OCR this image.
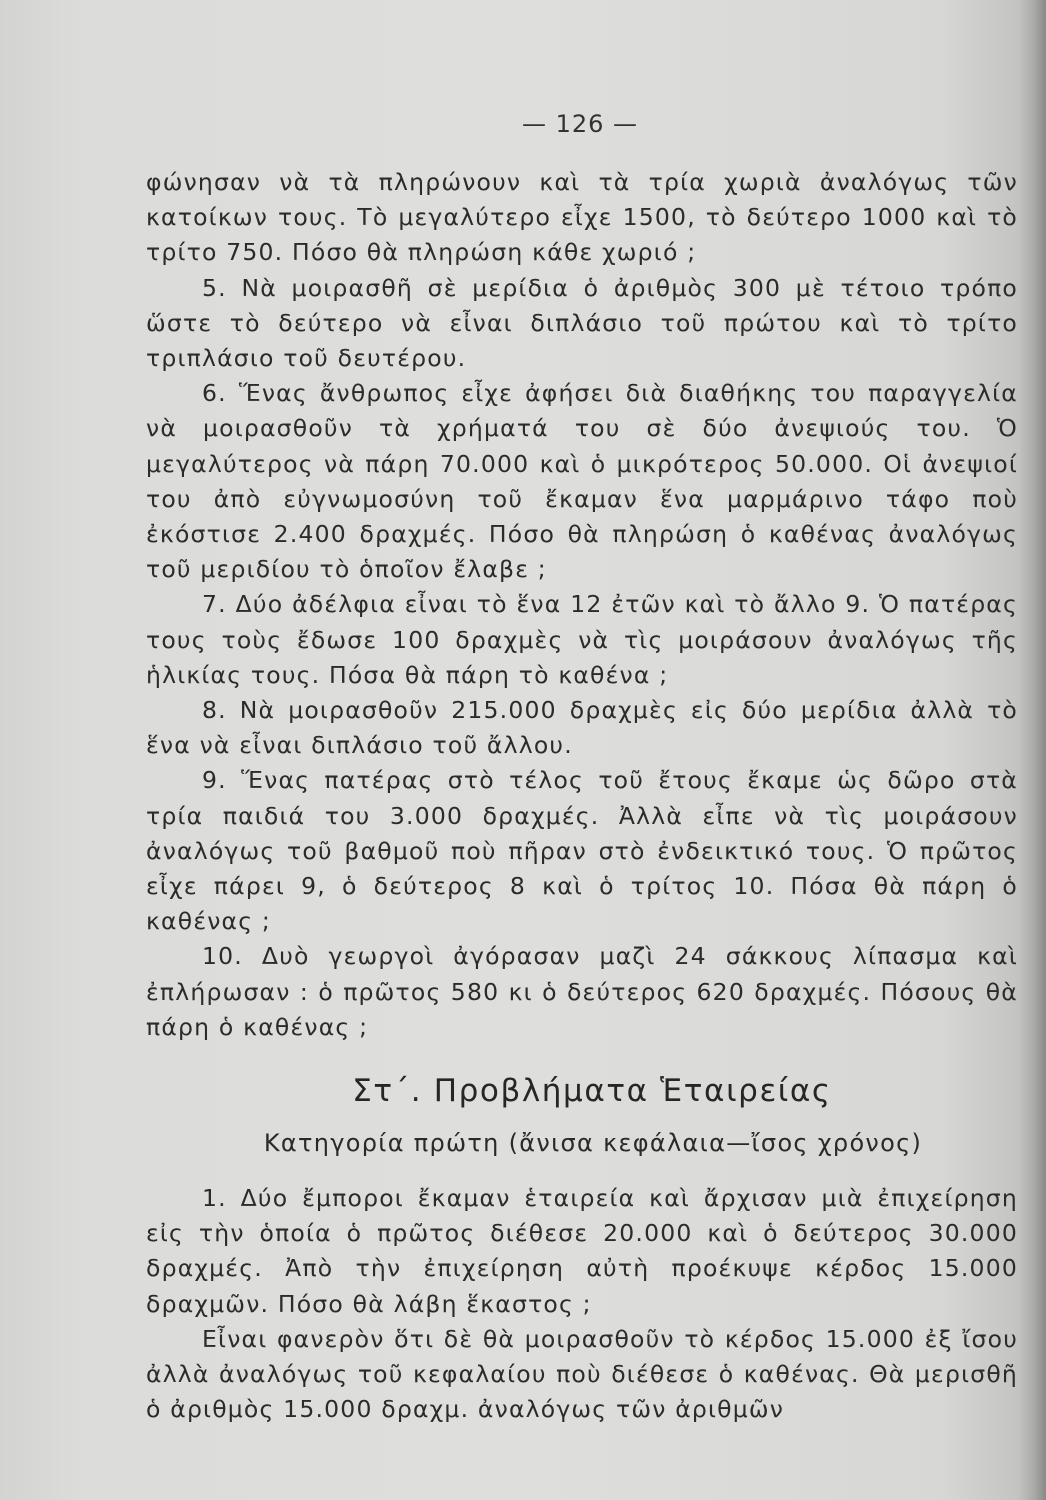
— 126 —

φώνησαν νὰ τὰ πληρώνουν καὶ τὰ τρία χωριὰ ἀναλόγως τῶν κατοίκων τους. Τὸ μεγαλύτερο εἶχε 1500, τὸ δεύτερο 1000 καὶ τὸ τρίτο 750. Πόσο θὰ πληρώση κάθε χωριό ;

5. Νὰ μοιρασθῆ σὲ μερίδια ὁ ἀριθμὸς 300 μὲ τέτοιο τρόπο ὥστε τὸ δεύτερο νὰ εἶναι διπλάσιο τοῦ πρώτου καὶ τὸ τρίτο τριπλάσιο τοῦ δευτέρου.

6. Ἕνας ἄνθρωπος εἶχε ἀφήσει διὰ διαθήκης του παραγγελία νὰ μοιρασθοῦν τὰ χρήματά του σὲ δύο ἀνεψιούς του. Ὁ μεγαλύτερος νὰ πάρη 70.000 καὶ ὁ μικρότερος 50.000. Οἱ ἀνεψιοί του ἀπὸ εὐγνωμοσύνη τοῦ ἔκαμαν ἕνα μαρμάρινο τάφο ποὺ ἐκόστισε 2.400 δραχμές. Πόσο θὰ πληρώση ὁ καθένας ἀναλόγως τοῦ μεριδίου τὸ ὁποῖον ἔλαβε ;

7. Δύο ἀδέλφια εἶναι τὸ ἕνα 12 ἐτῶν καὶ τὸ ἄλλο 9. Ὁ πατέρας τους τοὺς ἔδωσε 100 δραχμὲς νὰ τὶς μοιράσουν ἀναλόγως τῆς ἡλικίας τους. Πόσα θὰ πάρη τὸ καθένα ;

8. Νὰ μοιρασθοῦν 215.000 δραχμὲς εἰς δύο μερίδια ἀλλὰ τὸ ἕνα νὰ εἶναι διπλάσιο τοῦ ἄλλου.

9. Ἕνας πατέρας στὸ τέλος τοῦ ἔτους ἔκαμε ὡς δῶρο στὰ τρία παιδιά του 3.000 δραχμές. Ἀλλὰ εἶπε νὰ τὶς μοιράσουν ἀναλόγως τοῦ βαθμοῦ ποὺ πῆραν στὸ ἐνδεικτικό τους. Ὁ πρῶτος εἶχε πάρει 9, ὁ δεύτερος 8 καὶ ὁ τρίτος 10. Πόσα θὰ πάρη ὁ καθένας ;

10. Δυὸ γεωργοὶ ἀγόρασαν μαζὶ 24 σάκκους λίπασμα καὶ ἐπλήρωσαν : ὁ πρῶτος 580 κι ὁ δεύτερος 620 δραχμές. Πόσους θὰ πάρη ὁ καθένας ;

Στ΄. Προβλήματα Ἑταιρείας
Κατηγορία πρώτη (ἄνισα κεφάλαια—ἴσος χρόνος)

1. Δύο ἔμποροι ἔκαμαν ἑταιρεία καὶ ἄρχισαν μιὰ ἐπιχείρηση εἰς τὴν ὁποία ὁ πρῶτος διέθεσε 20.000 καὶ ὁ δεύτερος 30.000 δραχμές. Ἀπὸ τὴν ἐπιχείρηση αὐτὴ προέκυψε κέρδος 15.000 δραχμῶν. Πόσο θὰ λάβη ἕκαστος ;

Εἶναι φανερὸν ὅτι δὲ θὰ μοιρασθοῦν τὸ κέρδος 15.000 ἐξ ἴσου ἀλλὰ ἀναλόγως τοῦ κεφαλαίου ποὺ διέθεσε ὁ καθένας. Θὰ μερισθῆ ὁ ἀριθμὸς 15.000 δραχμ. ἀναλόγως τῶν ἀριθμῶν
